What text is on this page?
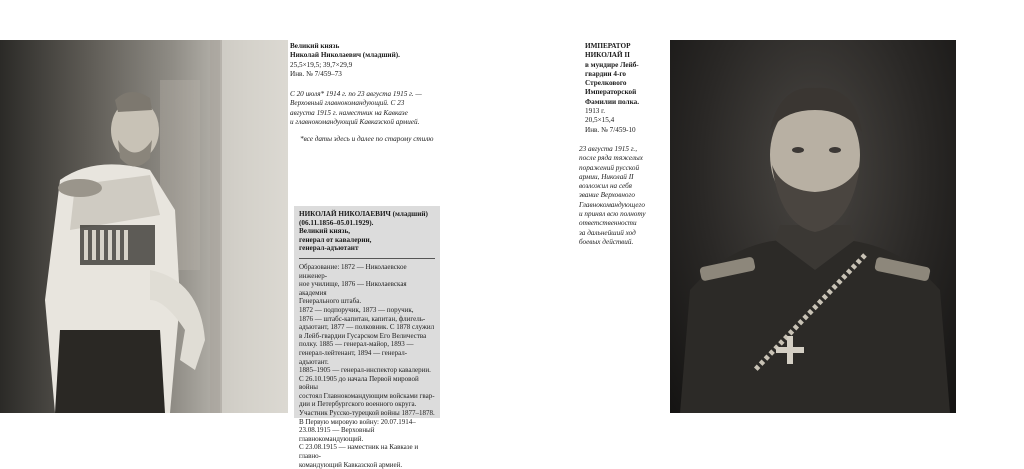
Великий князь
Николай Николаевич (младший).
25,5×19,5; 39,7×29,9
Инв. № 7/459–73
С 20 июля* 1914 г. по 23 августа 1915 г. —
Верховный главнокомандующий. С 23
августа 1915 г. наместник на Кавказе
и главнокомандующий Кавказской армией.
*все даты здесь и далее по старому стилю
НИКОЛАЙ НИКОЛАЕВИЧ (младший)
(06.11.1856–05.01.1929).
Великий князь,
генерал от кавалерии,
генерал-адъютант
Образование: 1872 — Николаевское инженер-
ное училище, 1876 — Николаевская академия
Генерального штаба.
1872 — подпоручик, 1873 — поручик,
1876 — штабс-капитан, капитан, флигель-
адъютант, 1877 — полковник. С 1878 служил
в Лейб-гвардии Гусарском Его Величества
полку. 1885 — генерал-майор, 1893 —
генерал-лейтенант, 1894 — генерал-адъютант.
1885–1905 — генерал-инспектор кавалерии.
С 26.10.1905 до начала Первой мировой войны
состоял Главнокомандующим войсками гвар-
дии и Петербургского военного округа.
Участник Русско-турецкой войны 1877–1878.
В Первую мировую войну: 20.07.1914–
23.08.1915 — Верховный главнокомандующий.
С 23.08.1915 — наместник на Кавказе и главно-
командующий Кавказской армией.
ИМПЕРАТОР
НИКОЛАЙ II
в мундире Лейб-
гвардии 4-го
Стрелкового
Императорской
Фамилии полка.
1913 г.
20,5×15,4
Инв. № 7/459-10
23 августа 1915 г.,
после ряда тяжелых
поражений русской
армии, Николай II
возложил на себя
звание Верховного
Главнокомандующего
и принял всю полноту
ответственности
за дальнейший ход
боевых действий.
